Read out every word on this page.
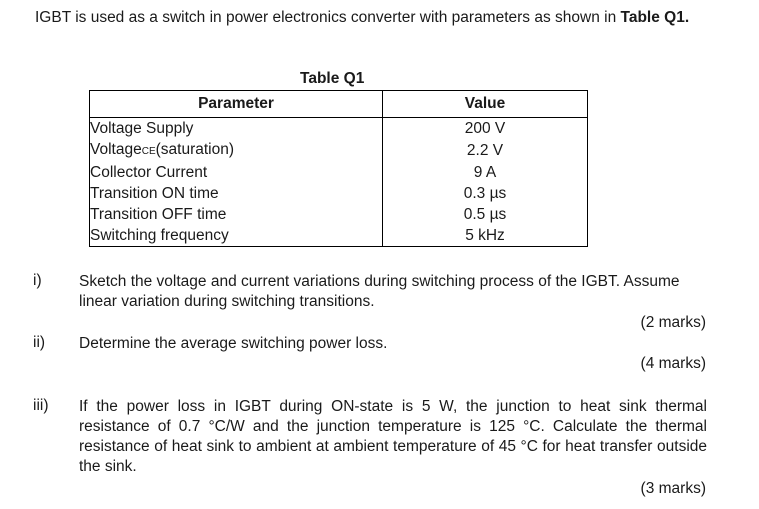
IGBT is used as a switch in power electronics converter with parameters as shown in Table Q1.
Table Q1
Parameter	Value
Voltage Supply	200 V
VoltageCE(saturation)	2.2 V
Collector Current	9 A
Transition ON time	0.3 µs
Transition OFF time	0.5 µs
Switching frequency	5 kHz
i) Sketch the voltage and current variations during switching process of the IGBT. Assume linear variation during switching transitions.
(2 marks)
ii) Determine the average switching power loss.
(4 marks)
iii) If the power loss in IGBT during ON-state is 5 W, the junction to heat sink thermal resistance of 0.7 °C/W and the junction temperature is 125 °C. Calculate the thermal resistance of heat sink to ambient at ambient temperature of 45 °C for heat transfer outside the sink.
(3 marks)
